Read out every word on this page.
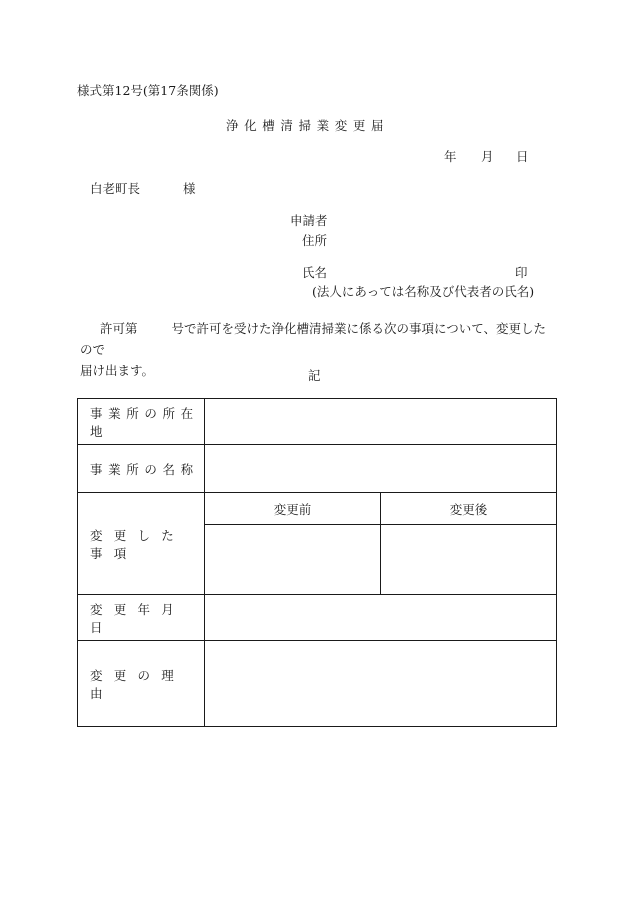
様式第12号(第17条関係)
浄化槽清掃業変更届
年 月 日
白老町長	様
申請者
住所
氏名	印
(法人にあっては名称及び代表者の氏名)
許可第	号で許可を受けた浄化槽清掃業に係る次の事項について、変更したので
届け出ます。	記
事業所の所在地		
事業所の名称		
変更した事項	変更前	変更後

変更年月日		
変更の理由		
